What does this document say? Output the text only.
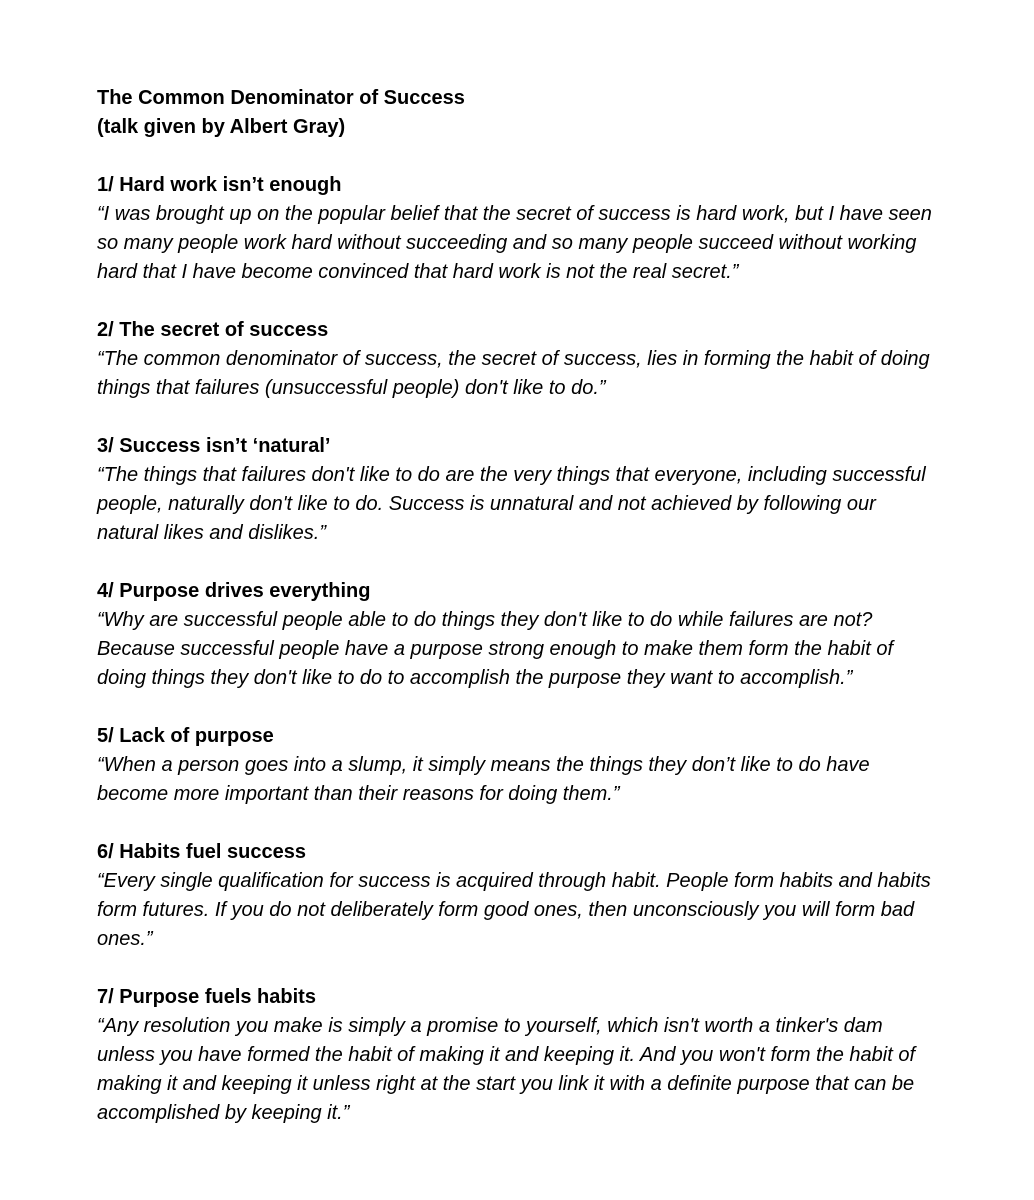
The Common Denominator of Success
(talk given by Albert Gray)

1/ Hard work isn’t enough

“I was brought up on the popular belief that the secret of success is hard work, but I have seen so many people work hard without succeeding and so many people succeed without working hard that I have become convinced that hard work is not the real secret.”

2/ The secret of success

“The common denominator of success, the secret of success, lies in forming the habit of doing things that failures (unsuccessful people) don't like to do.”

3/ Success isn’t ‘natural’

“The things that failures don't like to do are the very things that everyone, including successful people, naturally don't like to do. Success is unnatural and not achieved by following our natural likes and dislikes.”

4/ Purpose drives everything

“Why are successful people able to do things they don't like to do while failures are not? Because successful people have a purpose strong enough to make them form the habit of doing things they don't like to do to accomplish the purpose they want to accomplish.”

5/ Lack of purpose

“When a person goes into a slump, it simply means the things they don’t like to do have become more important than their reasons for doing them.”

6/ Habits fuel success

“Every single qualification for success is acquired through habit. People form habits and habits form futures. If you do not deliberately form good ones, then unconsciously you will form bad ones.”

7/ Purpose fuels habits

“Any resolution you make is simply a promise to yourself, which isn't worth a tinker's dam unless you have formed the habit of making it and keeping it. And you won't form the habit of making it and keeping it unless right at the start you link it with a definite purpose that can be accomplished by keeping it.”
